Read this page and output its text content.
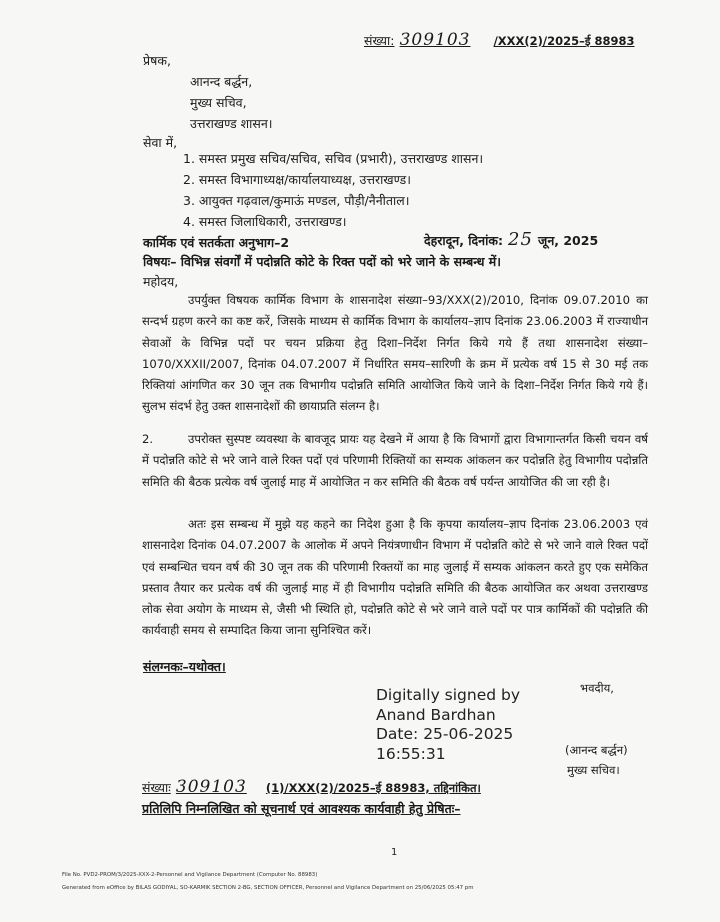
संख्या: 309103 /XXX(2)/2025–ई 88983
प्रेषक,
आनन्द बर्द्धन,
मुख्य सचिव,
उत्तराखण्ड शासन।
सेवा में,
1. समस्त प्रमुख सचिव/सचिव, सचिव (प्रभारी), उत्तराखण्ड शासन।
2. समस्त विभागाध्यक्ष/कार्यालयाध्यक्ष, उत्तराखण्ड।
3. आयुक्त गढ़वाल/कुमाऊं मण्डल, पौड़ी/नैनीताल।
4. समस्त जिलाधिकारी, उत्तराखण्ड।
कार्मिक एवं सतर्कता अनुभाग–2	देहरादून, दिनांक: 25 जून, 2025
विषयः– विभिन्न संवर्गों में पदोन्नति कोटे के रिक्त पदों को भरे जाने के सम्बन्ध में।
महोदय,
उपर्युक्त विषयक कार्मिक विभाग के शासनादेश संख्या–93/XXX(2)/2010, दिनांक 09.07.2010 का सन्दर्भ ग्रहण करने का कष्ट करें, जिसके माध्यम से कार्मिक विभाग के कार्यालय–ज्ञाप दिनांक 23.06.2003 में राज्याधीन सेवाओं के विभिन्न पदों पर चयन प्रक्रिया हेतु दिशा–निर्देश निर्गत किये गये हैं तथा शासनादेश संख्या–1070/XXXII/2007, दिनांक 04.07.2007 में निर्धारित समय–सारिणी के क्रम में प्रत्येक वर्ष 15 से 30 मई तक रिक्तियां आंगणित कर 30 जून तक विभागीय पदोन्नति समिति आयोजित किये जाने के दिशा–निर्देश निर्गत किये गये हैं। सुलभ संदर्भ हेतु उक्त शासनादेशों की छायाप्रति संलग्न है।
2.	उपरोक्त सुस्पष्ट व्यवस्था के बावजूद प्रायः यह देखने में आया है कि विभागों द्वारा विभागान्तर्गत किसी चयन वर्ष में पदोन्नति कोटे से भरे जाने वाले रिक्त पदों एवं परिणामी रिक्तियों का सम्यक आंकलन कर पदोन्नति हेतु विभागीय पदोन्नति समिति की बैठक प्रत्येक वर्ष जुलाई माह में आयोजित न कर समिति की बैठक वर्ष पर्यन्त आयोजित की जा रही है।
अतः इस सम्बन्ध में मुझे यह कहने का निदेश हुआ है कि कृपया कार्यालय–ज्ञाप दिनांक 23.06.2003 एवं शासनादेश दिनांक 04.07.2007 के आलोक में अपने नियंत्रणाधीन विभाग में पदोन्नति कोटे से भरे जाने वाले रिक्त पदों एवं सम्बन्धित चयन वर्ष की 30 जून तक की परिणामी रिक्तयों का माह जुलाई में सम्यक आंकलन करते हुए एक समेकित प्रस्ताव तैयार कर प्रत्येक वर्ष की जुलाई माह में ही विभागीय पदोन्नति समिति की बैठक आयोजित कर अथवा उत्तराखण्ड लोक सेवा अयोग के माध्यम से, जैसी भी स्थिति हो, पदोन्नति कोटे से भरे जाने वाले पदों पर पात्र कार्मिकों की पदोन्नति की कार्यवाही समय से सम्पादित किया जाना सुनिश्चित करें।
संलग्नकः–यथोक्त।
भवदीय,
Digitally signed by
Anand Bardhan
Date: 25-06-2025
16:55:31	(आनन्द बर्द्धन)
मुख्य सचिव।
संख्याः 309103 (1)/XXX(2)/2025–ई 88983, तद्दिनांकित।
प्रतिलिपि निम्नलिखित को सूचनार्थ एवं आवश्यक कार्यवाही हेतु प्रेषितः–
1
File No. PVD2-PROM/3/2025-XXX-2-Personnel and Vigilance Department (Computer No. 88983)
Generated from eOffice by BILAS GODIYAL, SO-KARMIK SECTION 2-BG, SECTION OFFICER, Personnel and Vigilance Department on 25/06/2025 05:47 pm
